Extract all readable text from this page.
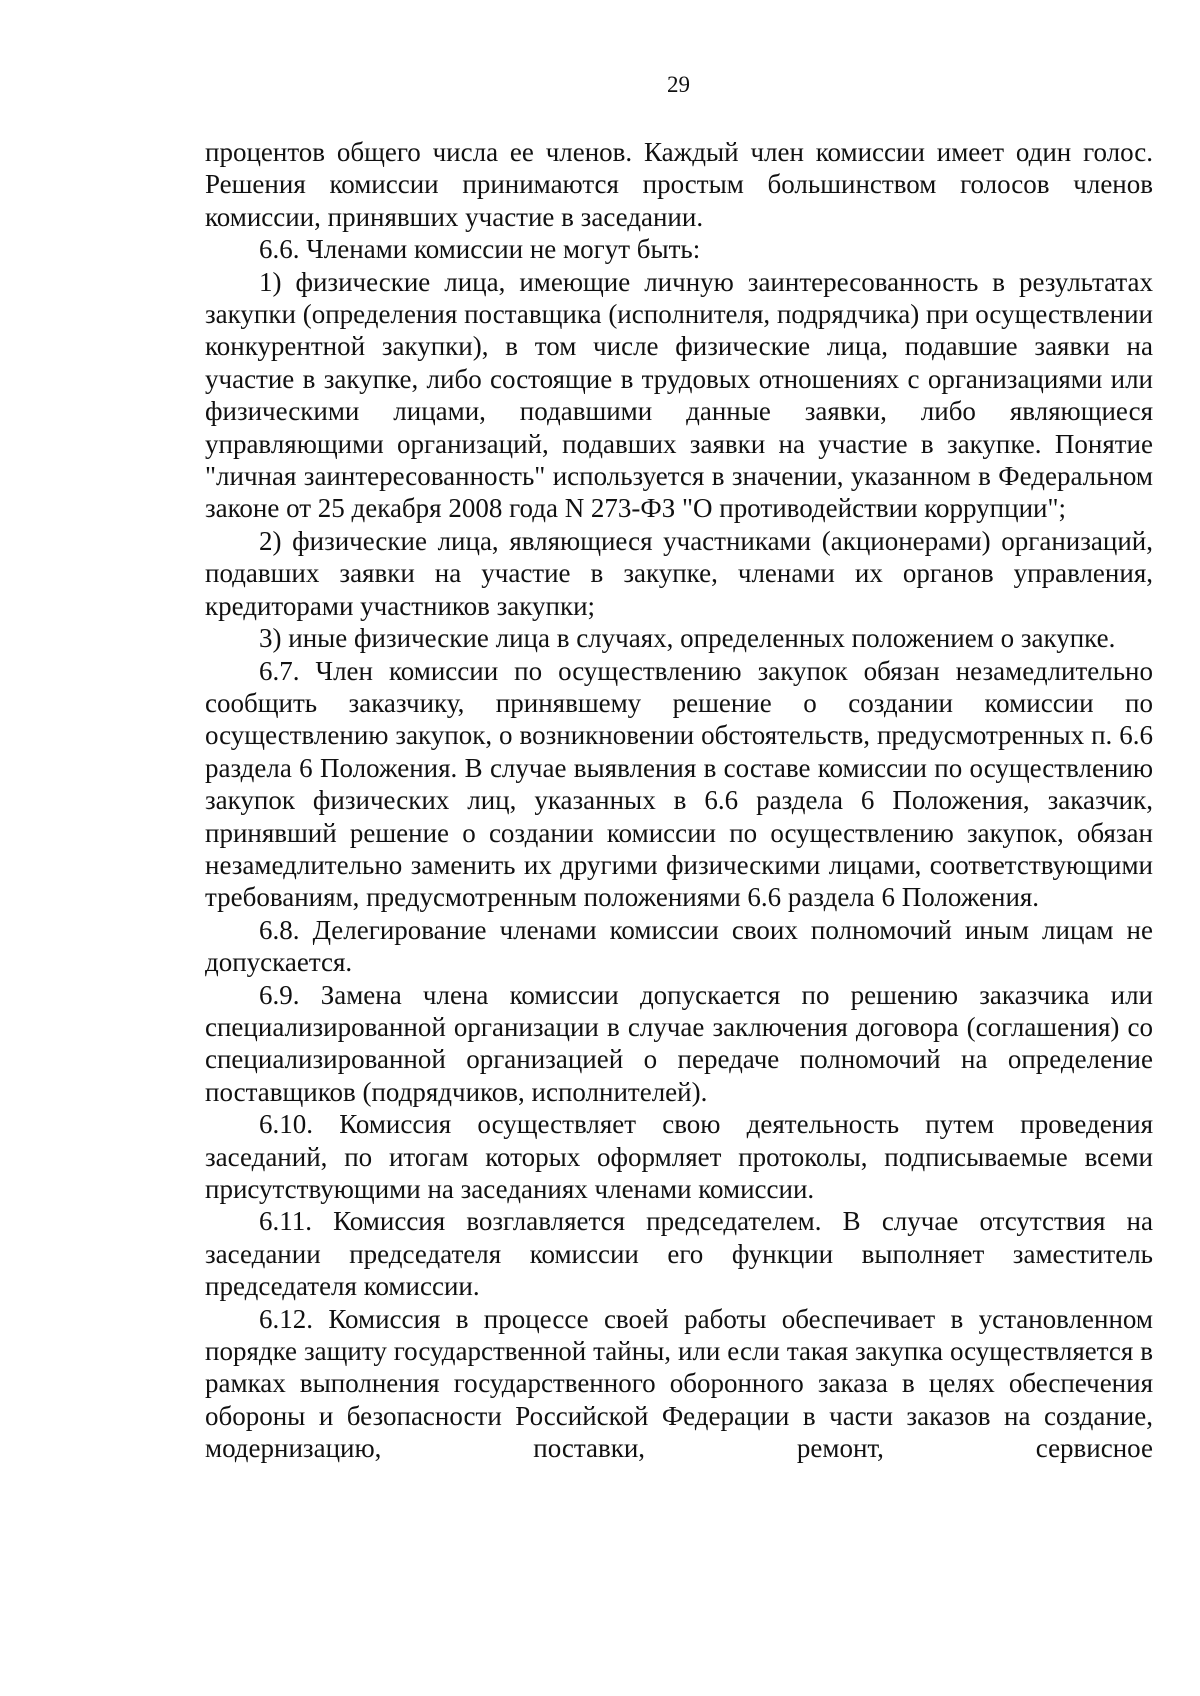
29

процентов общего числа ее членов. Каждый член комиссии имеет один голос. Решения комиссии принимаются простым большинством голосов членов комиссии, принявших участие в заседании.

6.6. Членами комиссии не могут быть:

1) физические лица, имеющие личную заинтересованность в результатах закупки (определения поставщика (исполнителя, подрядчика) при осуществлении конкурентной закупки), в том числе физические лица, подавшие заявки на участие в закупке, либо состоящие в трудовых отношениях с организациями или физическими лицами, подавшими данные заявки, либо являющиеся управляющими организаций, подавших заявки на участие в закупке. Понятие "личная заинтересованность" используется в значении, указанном в Федеральном законе от 25 декабря 2008 года N 273-ФЗ "О противодействии коррупции";

2) физические лица, являющиеся участниками (акционерами) организаций, подавших заявки на участие в закупке, членами их органов управления, кредиторами участников закупки;

3) иные физические лица в случаях, определенных положением о закупке.

6.7. Член комиссии по осуществлению закупок обязан незамедлительно сообщить заказчику, принявшему решение о создании комиссии по осуществлению закупок, о возникновении обстоятельств, предусмотренных п. 6.6 раздела 6 Положения. В случае выявления в составе комиссии по осуществлению закупок физических лиц, указанных в 6.6 раздела 6 Положения, заказчик, принявший решение о создании комиссии по осуществлению закупок, обязан незамедлительно заменить их другими физическими лицами, соответствующими требованиям, предусмотренным положениями 6.6 раздела 6 Положения.

6.8. Делегирование членами комиссии своих полномочий иным лицам не допускается.

6.9. Замена члена комиссии допускается по решению заказчика или специализированной организации в случае заключения договора (соглашения) со специализированной организацией о передаче полномочий на определение поставщиков (подрядчиков, исполнителей).

6.10. Комиссия осуществляет свою деятельность путем проведения заседаний, по итогам которых оформляет протоколы, подписываемые всеми присутствующими на заседаниях членами комиссии.

6.11. Комиссия возглавляется председателем. В случае отсутствия на заседании председателя комиссии его функции выполняет заместитель председателя комиссии.

6.12. Комиссия в процессе своей работы обеспечивает в установленном порядке защиту государственной тайны, или если такая закупка осуществляется в рамках выполнения государственного оборонного заказа в целях обеспечения обороны и безопасности Российской Федерации в части заказов на создание, модернизацию, поставки, ремонт, сервисное
